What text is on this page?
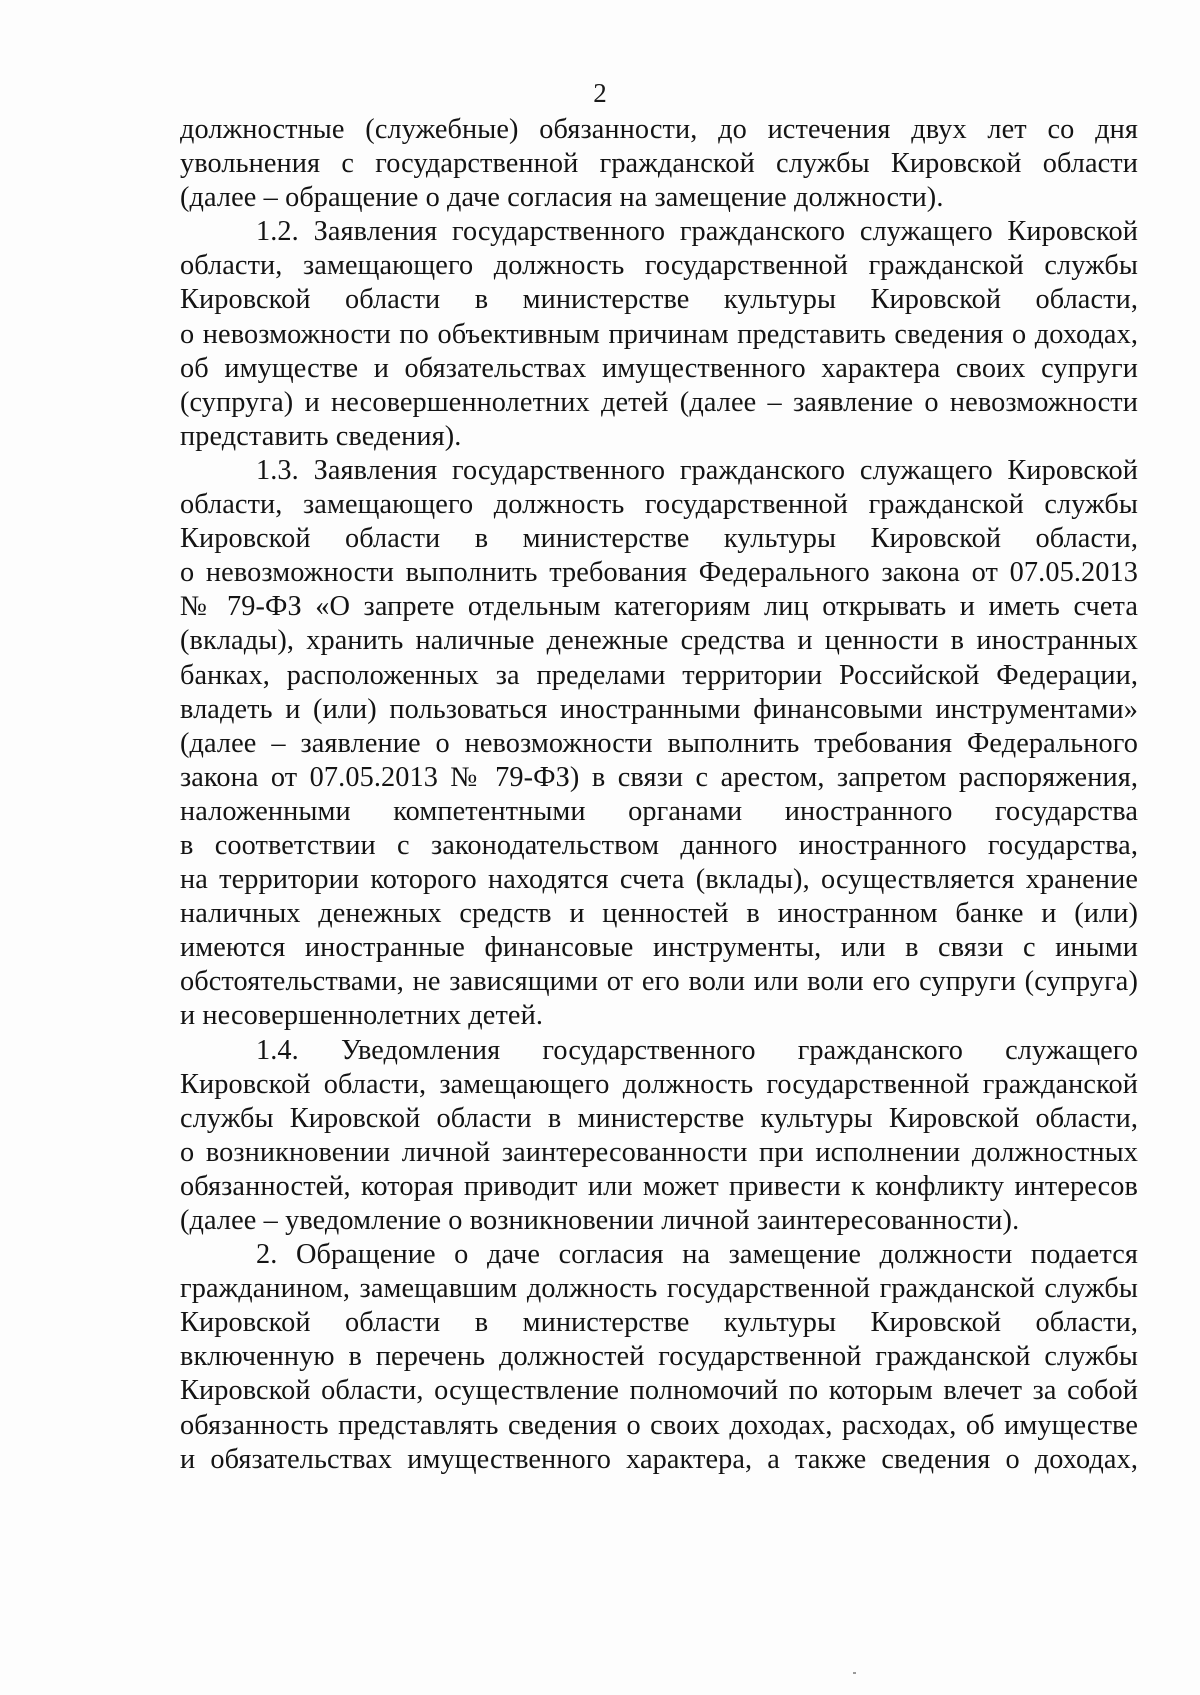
2
должностные (служебные) обязанности, до истечения двух лет со дня
увольнения с государственной гражданской службы Кировской области
(далее – обращение о даче согласия на замещение должности).
1.2. Заявления государственного гражданского служащего Кировской
области, замещающего должность государственной гражданской службы
Кировской области в министерстве культуры Кировской области,
о невозможности по объективным причинам представить сведения о доходах,
об имуществе и обязательствах имущественного характера своих супруги
(супруга) и несовершеннолетних детей (далее – заявление о невозможности
представить сведения).
1.3. Заявления государственного гражданского служащего Кировской
области, замещающего должность государственной гражданской службы
Кировской области в министерстве культуры Кировской области,
о невозможности выполнить требования Федерального закона от 07.05.2013
№ 79-ФЗ «О запрете отдельным категориям лиц открывать и иметь счета
(вклады), хранить наличные денежные средства и ценности в иностранных
банках, расположенных за пределами территории Российской Федерации,
владеть и (или) пользоваться иностранными финансовыми инструментами»
(далее – заявление о невозможности выполнить требования Федерального
закона от 07.05.2013 № 79-ФЗ) в связи с арестом, запретом распоряжения,
наложенными компетентными органами иностранного государства
в соответствии с законодательством данного иностранного государства,
на территории которого находятся счета (вклады), осуществляется хранение
наличных денежных средств и ценностей в иностранном банке и (или)
имеются иностранные финансовые инструменты, или в связи с иными
обстоятельствами, не зависящими от его воли или воли его супруги (супруга)
и несовершеннолетних детей.
1.4. Уведомления государственного гражданского служащего
Кировской области, замещающего должность государственной гражданской
службы Кировской области в министерстве культуры Кировской области,
о возникновении личной заинтересованности при исполнении должностных
обязанностей, которая приводит или может привести к конфликту интересов
(далее – уведомление о возникновении личной заинтересованности).
2. Обращение о даче согласия на замещение должности подается
гражданином, замещавшим должность государственной гражданской службы
Кировской области в министерстве культуры Кировской области,
включенную в перечень должностей государственной гражданской службы
Кировской области, осуществление полномочий по которым влечет за собой
обязанность представлять сведения о своих доходах, расходах, об имуществе
и обязательствах имущественного характера, а также сведения о доходах,
